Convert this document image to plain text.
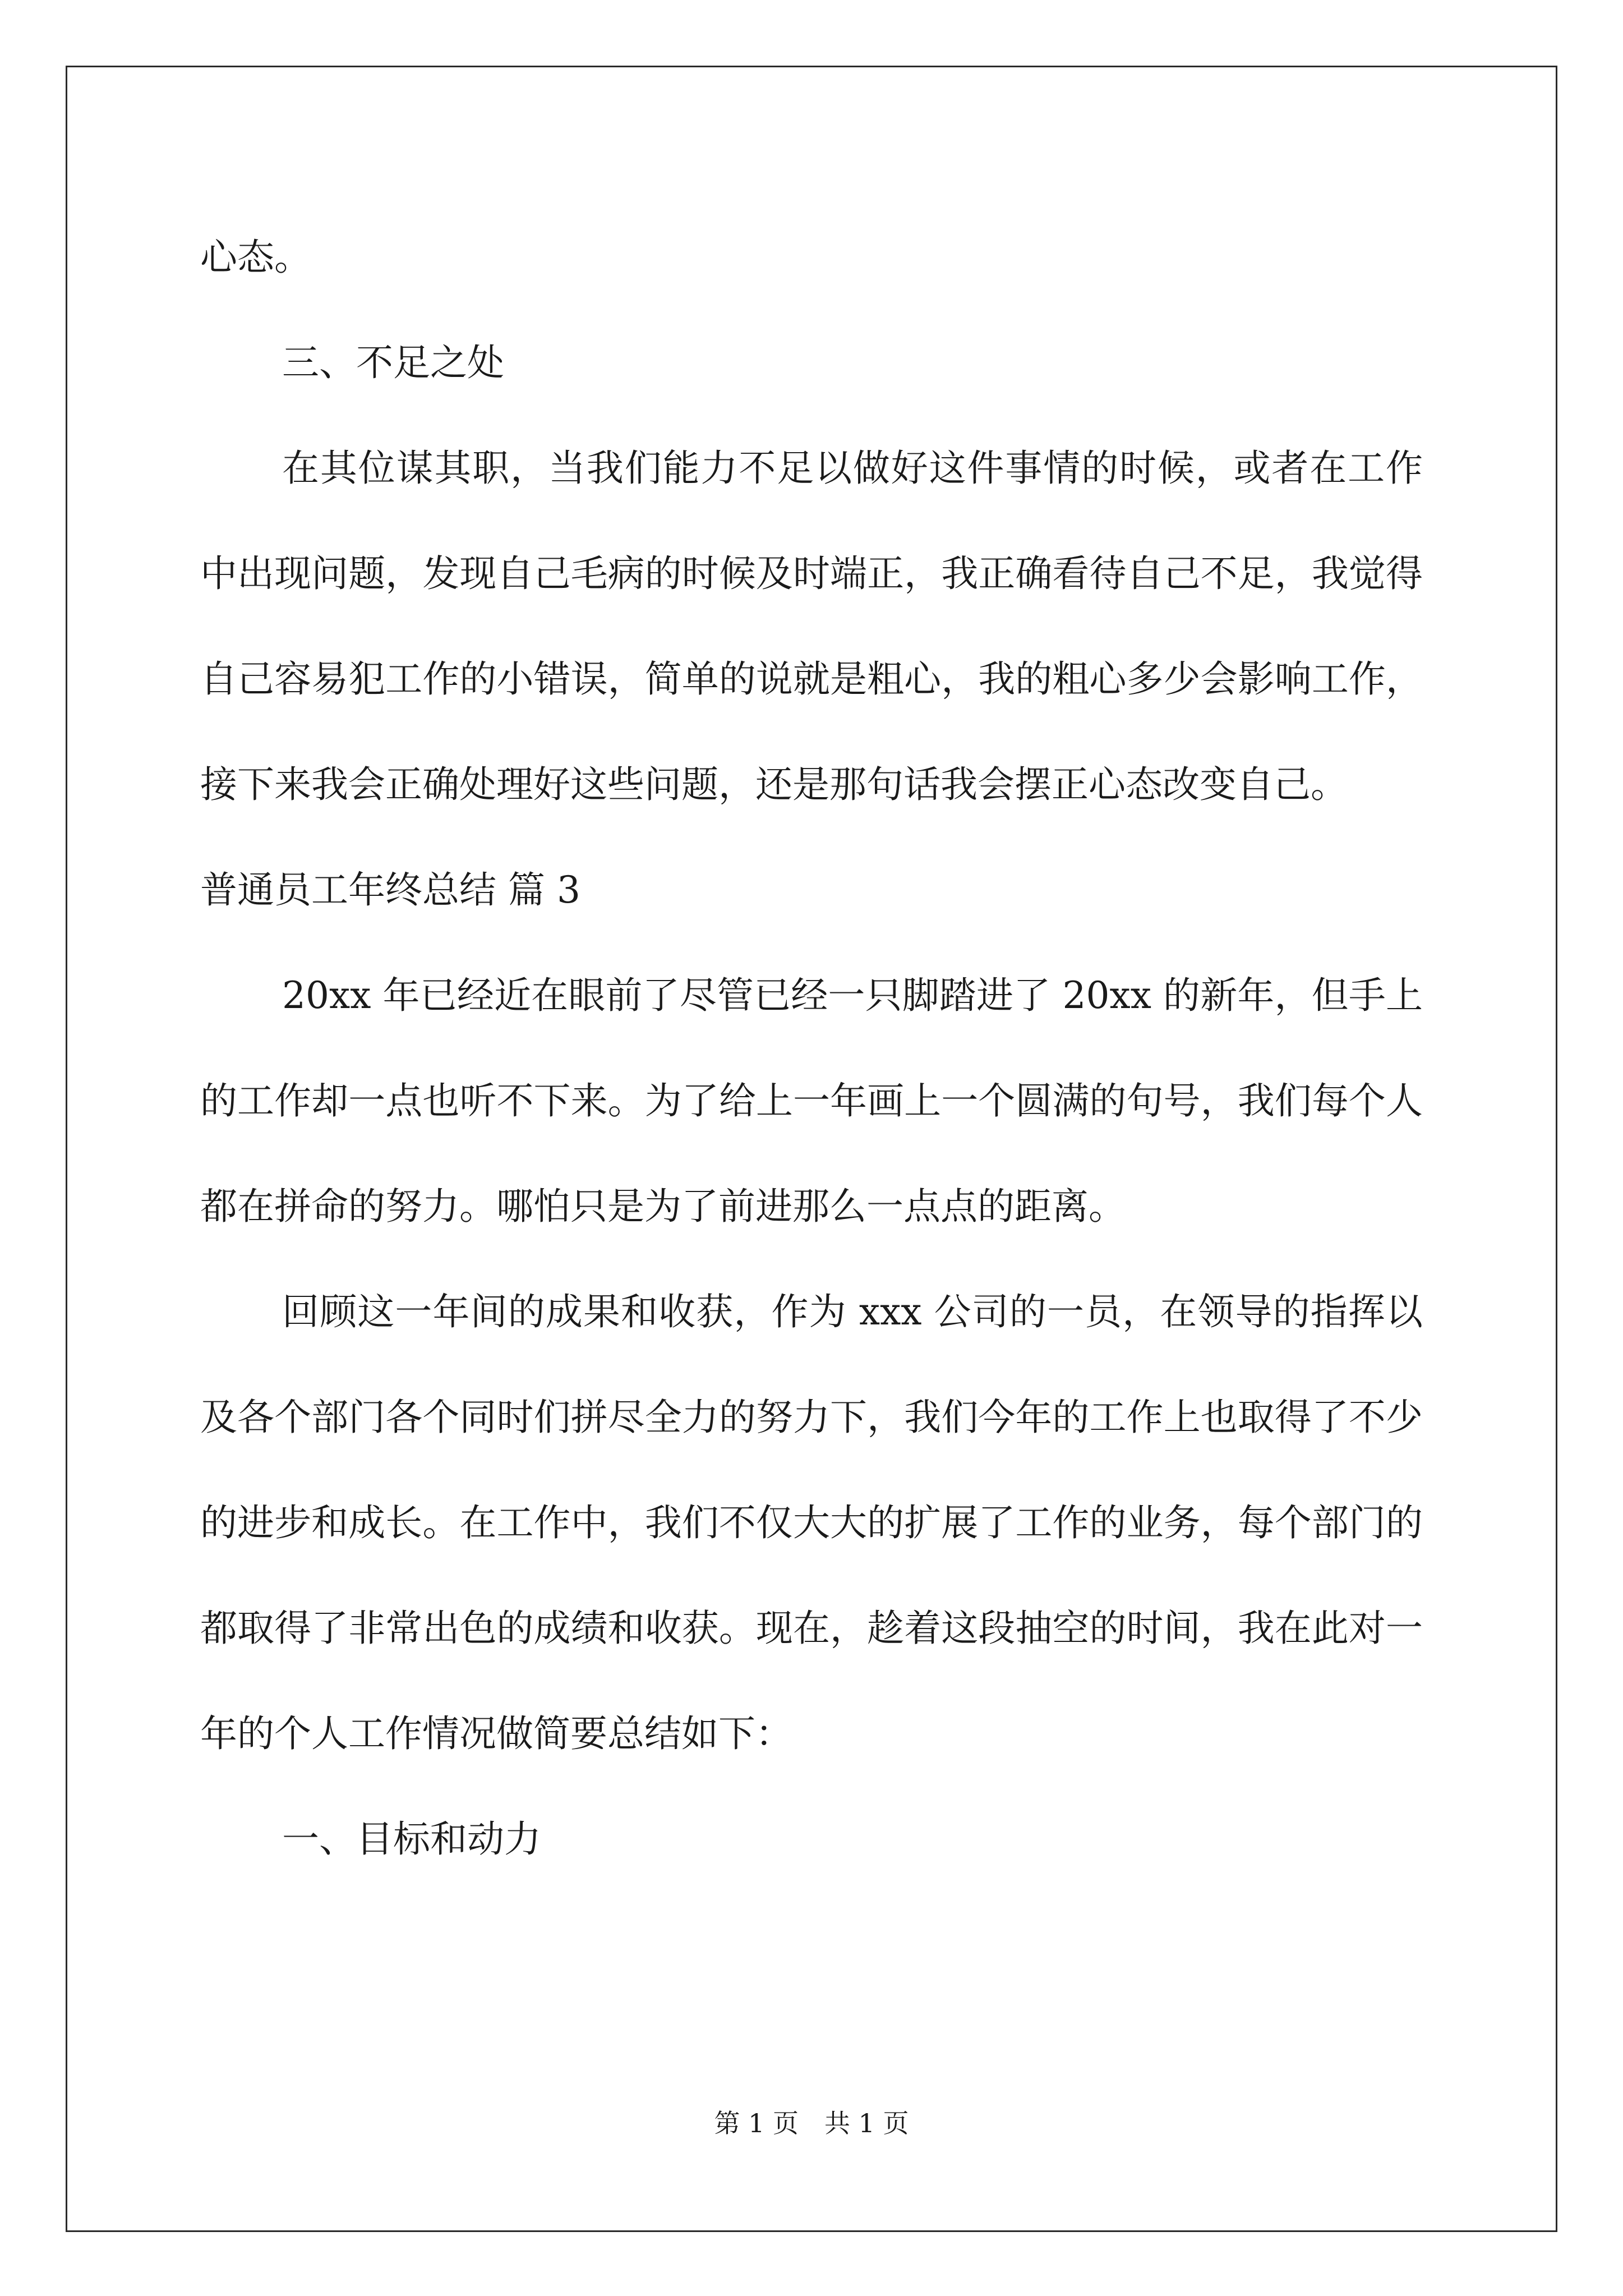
心态。

三、不足之处

在其位谋其职，当我们能力不足以做好这件事情的时候，或者在工作中出现问题，发现自己毛病的时候及时端正，我正确看待自己不足，我觉得自己容易犯工作的小错误，简单的说就是粗心，我的粗心多少会影响工作，接下来我会正确处理好这些问题，还是那句话我会摆正心态改变自己。

普通员工年终总结 篇 3

20xx 年已经近在眼前了尽管已经一只脚踏进了 20xx 的新年，但手上的工作却一点也听不下来。为了给上一年画上一个圆满的句号，我们每个人都在拼命的努力。哪怕只是为了前进那么一点点的距离。

回顾这一年间的成果和收获，作为 xxx 公司的一员，在领导的指挥以及各个部门各个同时们拼尽全力的努力下，我们今年的工作上也取得了不少的进步和成长。在工作中，我们不仅大大的扩展了工作的业务，每个部门的都取得了非常出色的成绩和收获。现在，趁着这段抽空的时间，我在此对一年的个人工作情况做简要总结如下：

一、目标和动力

第 1 页 共 1 页
